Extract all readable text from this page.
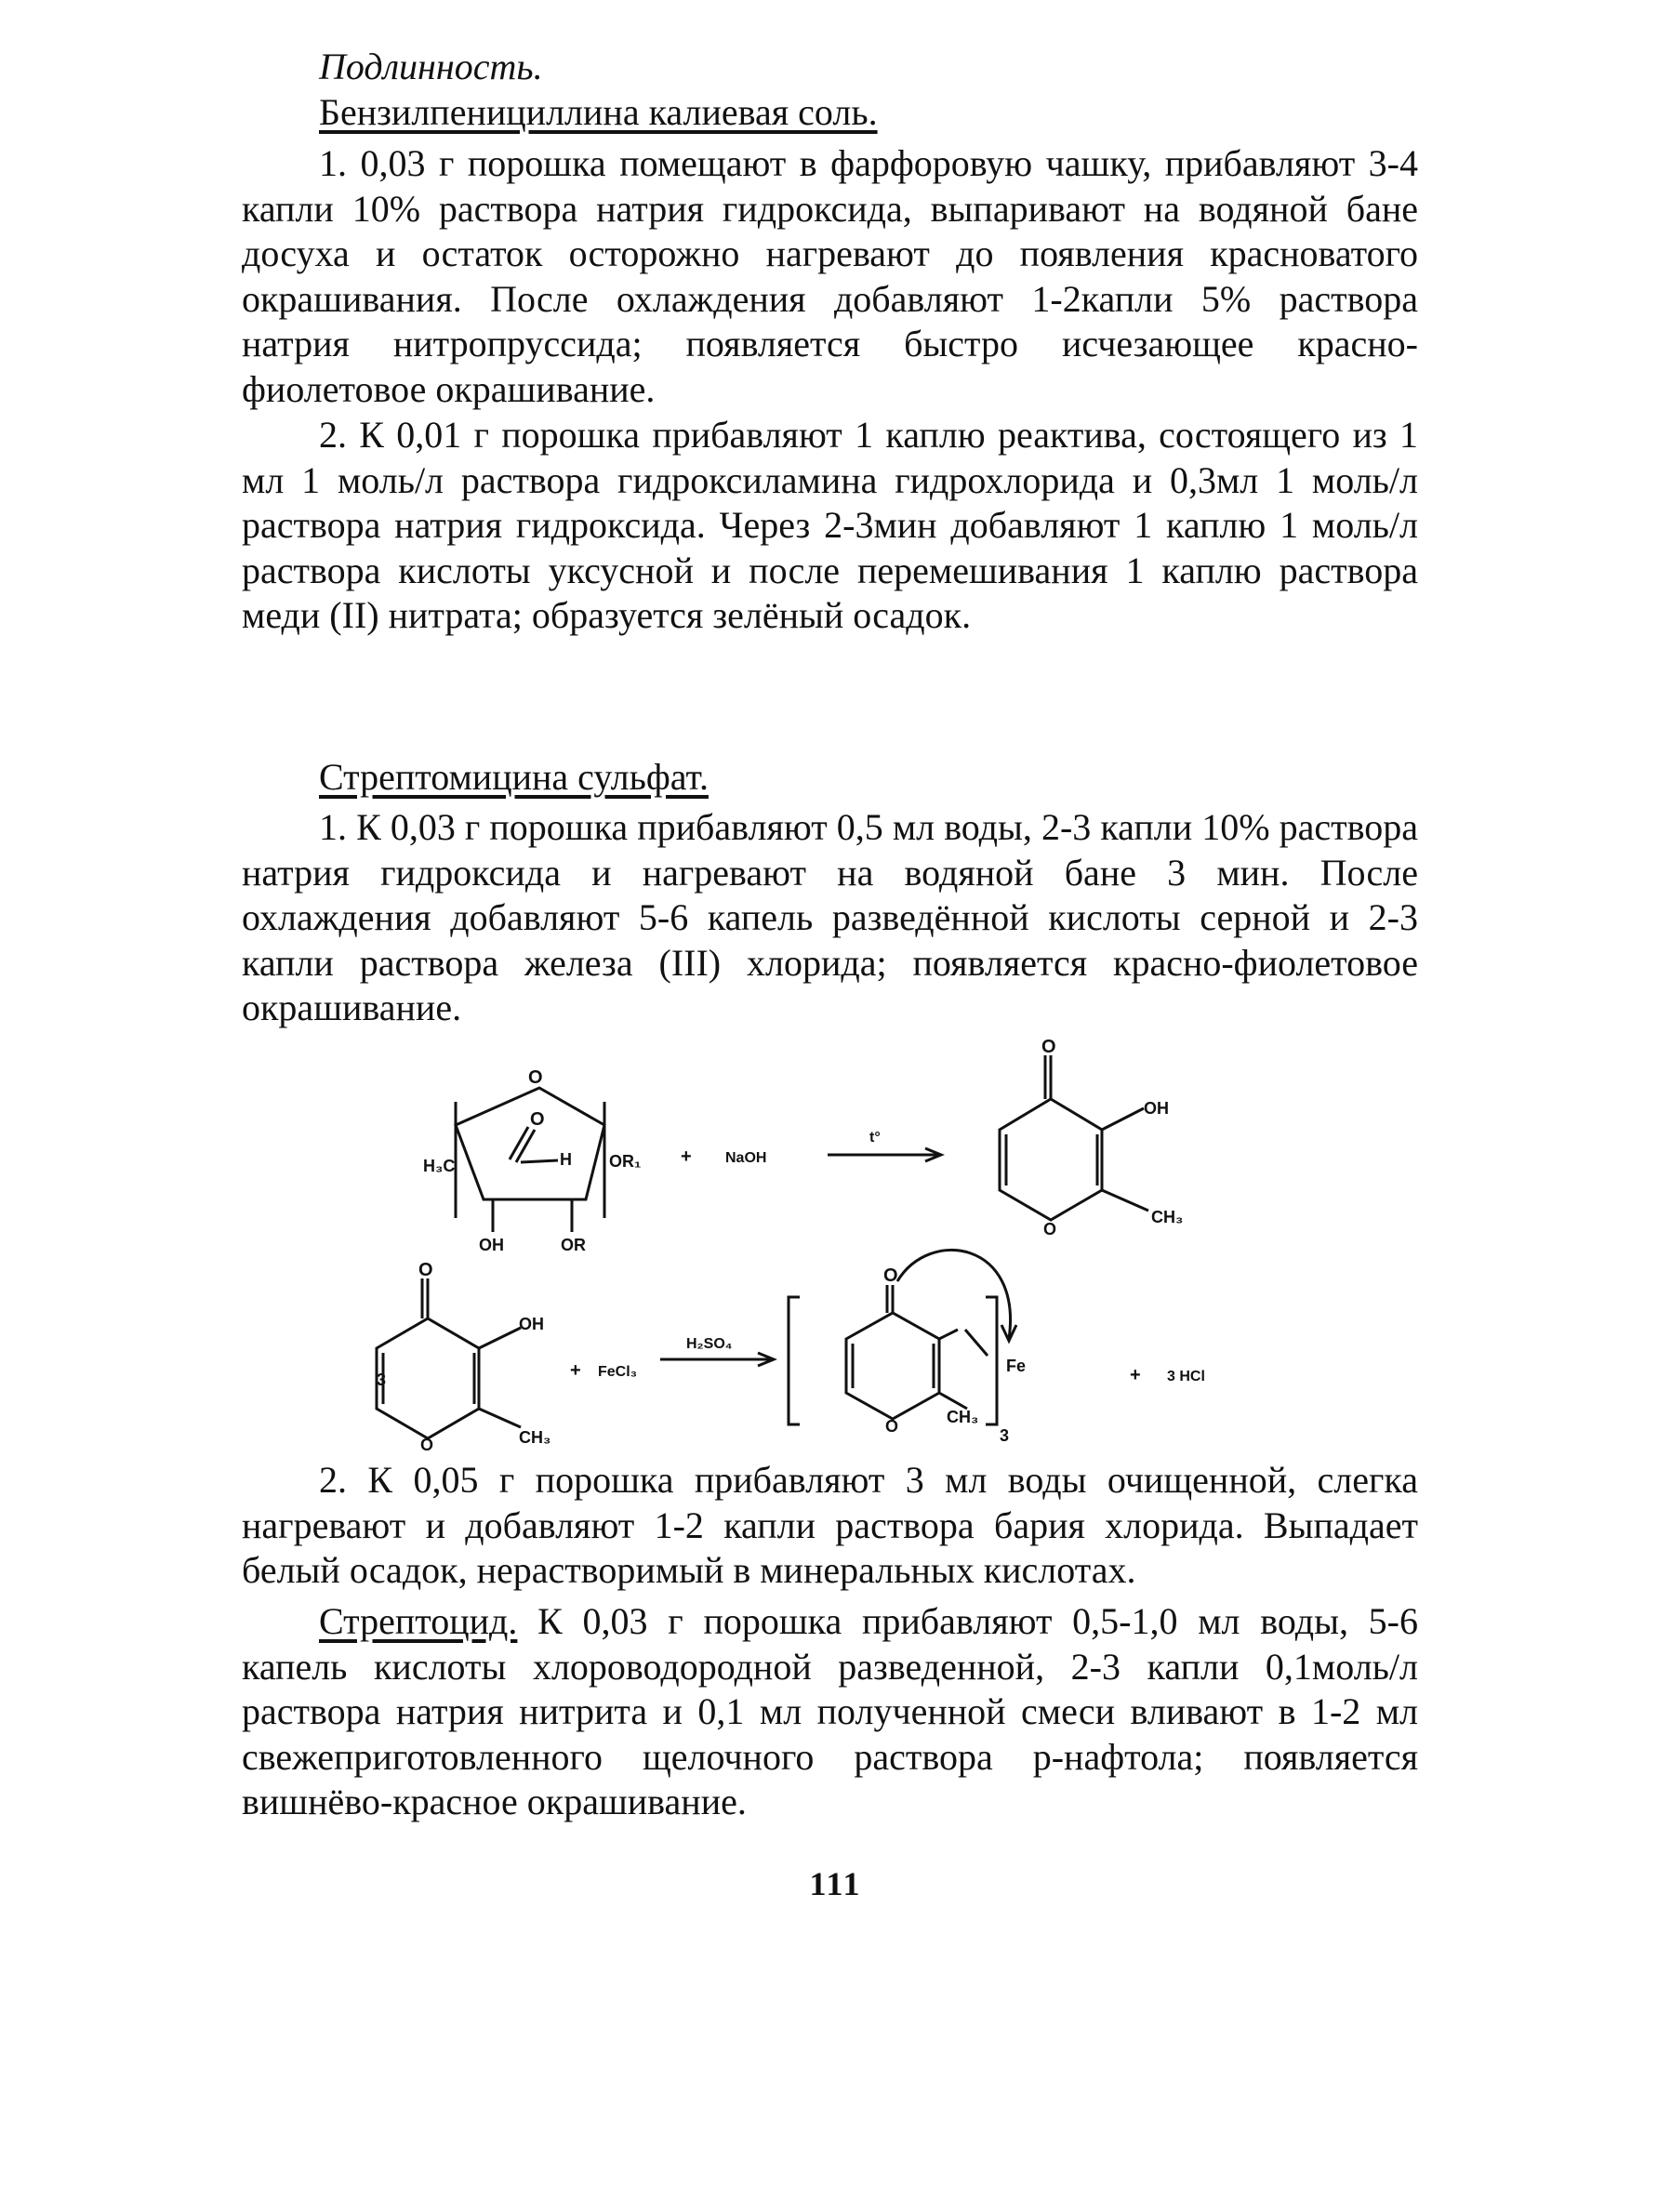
Подлинность.
Бензилпенициллина калиевая соль.

1. 0,03 г порошка помещают в фарфоровую чашку, прибавляют 3-4 капли 10% раствора натрия гидроксида, выпаривают на водяной бане досуха и остаток осторожно нагревают до появления красноватого окрашивания. После охлаждения добавляют 1-2капли 5% раствора натрия нитропруссида; появляется быстро исчезающее красно-фиолетовое окрашивание.

2. К 0,01 г порошка прибавляют 1 каплю реактива, состоящего из 1 мл 1 моль/л раствора гидроксиламина гидрохлорида и 0,3мл 1 моль/л раствора натрия гидроксида. Через 2-3мин добавляют 1 каплю 1 моль/л раствора кислоты уксусной и после перемешивания 1 каплю раствора меди (II) нитрата; образуется зелёный осадок.

Стрептомицина сульфат.

1. К 0,03 г порошка прибавляют 0,5 мл воды, 2-3 капли 10% раствора натрия гидроксида и нагревают на водяной бане 3 мин. После охлаждения добавляют 5-6 капель разведённой кислоты серной и 2-3 капли раствора железа (III) хлорида; появляется красно-фиолетовое окрашивание.

O
O
H
H₃C	OR₁
OH	OR
+ NaOH
t°
O
OH
O
CH₃
3
O
OH
O	CH₃
+ FeCl₃
H₂SO₄
O
O	CH₃
Fe
3
+ 3 HCl

2. К 0,05 г порошка прибавляют 3 мл воды очищенной, слегка нагревают и добавляют 1-2 капли раствора бария хлорида. Выпадает белый осадок, нерастворимый в минеральных кислотах.

Стрептоцид. К 0,03 г порошка прибавляют 0,5-1,0 мл воды, 5-6 капель кислоты хлороводородной разведенной, 2-3 капли 0,1моль/л раствора натрия нитрита и 0,1 мл полученной смеси вливают в 1-2 мл свежеприготовленного щелочного раствора р-нафтола; появляется вишнёво-красное окрашивание.

111
